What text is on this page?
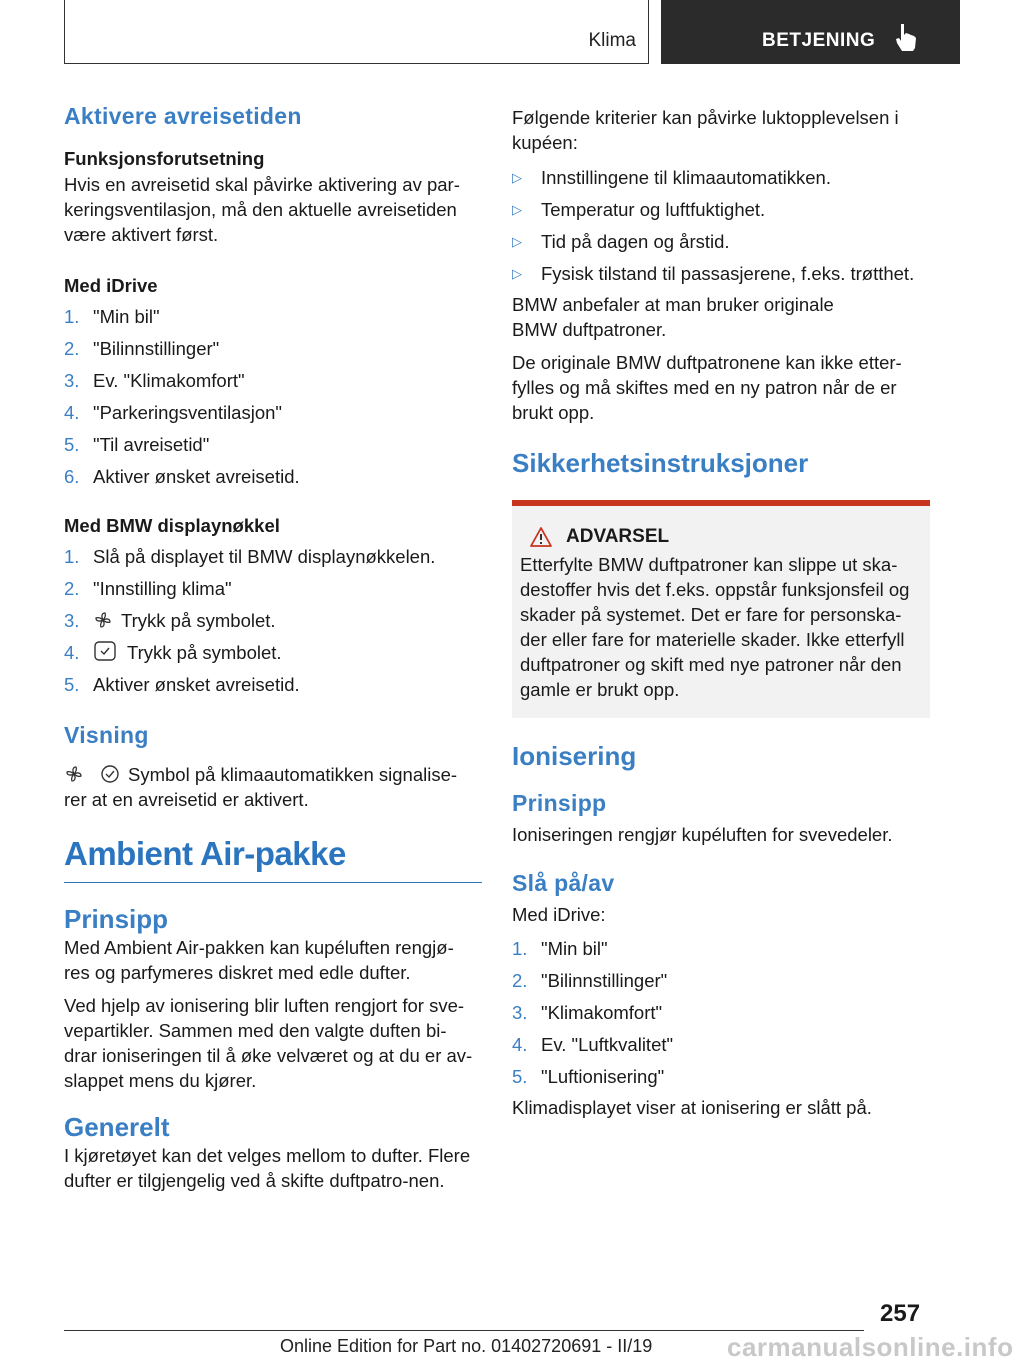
Klima	BETJENING

Aktivere avreisetiden

Funksjonsforutsetning

Hvis en avreisetid skal påvirke aktivering av par-keringsventilasjon, må den aktuelle avreisetiden være aktivert først.

Med iDrive

1. "Min bil"
2. "Bilinnstillinger"
3. Ev. "Klimakomfort"
4. "Parkeringsventilasjon"
5. "Til avreisetid"
6. Aktiver ønsket avreisetid.

Med BMW displaynøkkel

1. Slå på displayet til BMW displaynøkkelen.
2. "Innstilling klima"
3. Trykk på symbolet.
4.	Trykk på symbolet.
5. Aktiver ønsket avreisetid.

Visning

Symbol på klimaautomatikken signalise-rer at en avreisetid er aktivert.

Ambient Air-pakke

Prinsipp

Med Ambient Air-pakken kan kupéluften rengjø-res og parfymeres diskret med edle dufter.

Ved hjelp av ionisering blir luften rengjort for sve-vepartikler. Sammen med den valgte duften bi-drar ioniseringen til å øke velværet og at du er av-slappet mens du kjører.

Generelt

I kjøretøyet kan det velges mellom to dufter. Flere dufter er tilgjengelig ved å skifte duftpatro-nen.

Følgende kriterier kan påvirke luktopplevelsen i kupéen:

▷ Innstillingene til klimaautomatikken.
▷ Temperatur og luftfuktighet.
▷ Tid på dagen og årstid.
▷ Fysisk tilstand til passasjerene, f.eks. trøtthet.

BMW anbefaler at man bruker originale BMW duftpatroner.

De originale BMW duftpatronene kan ikke etter-fylles og må skiftes med en ny patron når de er brukt opp.

Sikkerhetsinstruksjoner

ADVARSEL

Etterfylte BMW duftpatroner kan slippe ut ska-destoffer hvis det f.eks. oppstår funksjonsfeil og skader på systemet. Det er fare for personska-der eller fare for materielle skader. Ikke etterfyll duftpatroner og skift med nye patroner når den gamle er brukt opp.

Ionisering

Prinsipp

Ioniseringen rengjør kupéluften for svevedeler.

Slå på/av

Med iDrive:

1. "Min bil"
2. "Bilinnstillinger"
3. "Klimakomfort"
4. Ev. "Luftkvalitet"
5. "Luftionisering"

Klimadisplayet viser at ionisering er slått på.

257
Online Edition for Part no. 01402720691 - II/19	carmanualsonline.info
